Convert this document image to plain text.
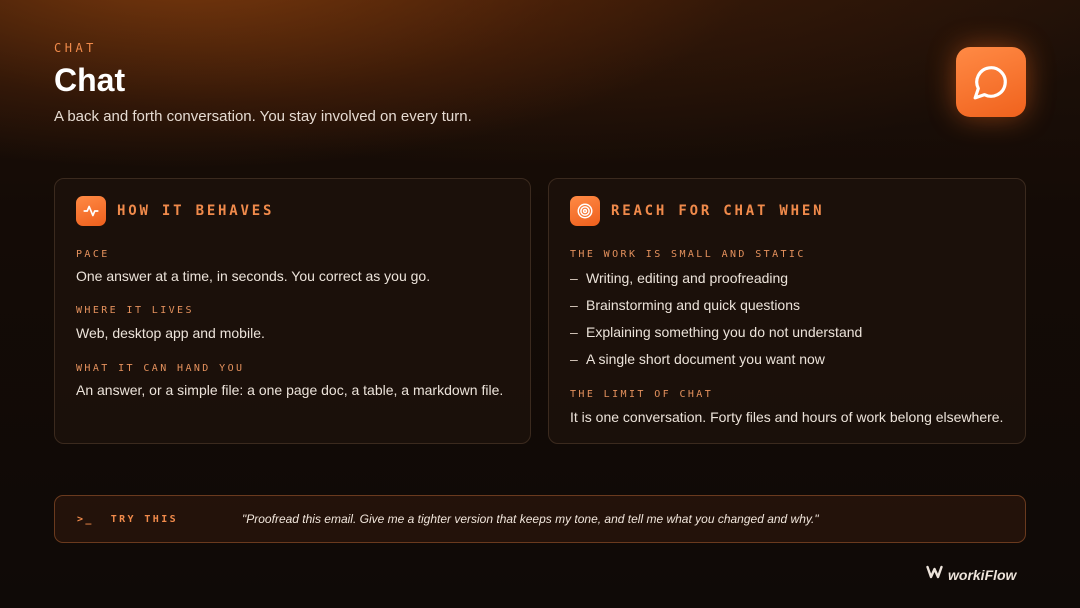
CHAT
Chat
A back and forth conversation. You stay involved on every turn.
HOW IT BEHAVES
PACE
One answer at a time, in seconds. You correct as you go.
WHERE IT LIVES
Web, desktop app and mobile.
WHAT IT CAN HAND YOU
An answer, or a simple file: a one page doc, a table, a markdown file.
REACH FOR CHAT WHEN
THE WORK IS SMALL AND STATIC
– Writing, editing and proofreading
– Brainstorming and quick questions
– Explaining something you do not understand
– A single short document you want now
THE LIMIT OF CHAT
It is one conversation. Forty files and hours of work belong elsewhere.
>_ TRY THIS	"Proofread this email. Give me a tighter version that keeps my tone, and tell me what you changed and why."
workiFlow
